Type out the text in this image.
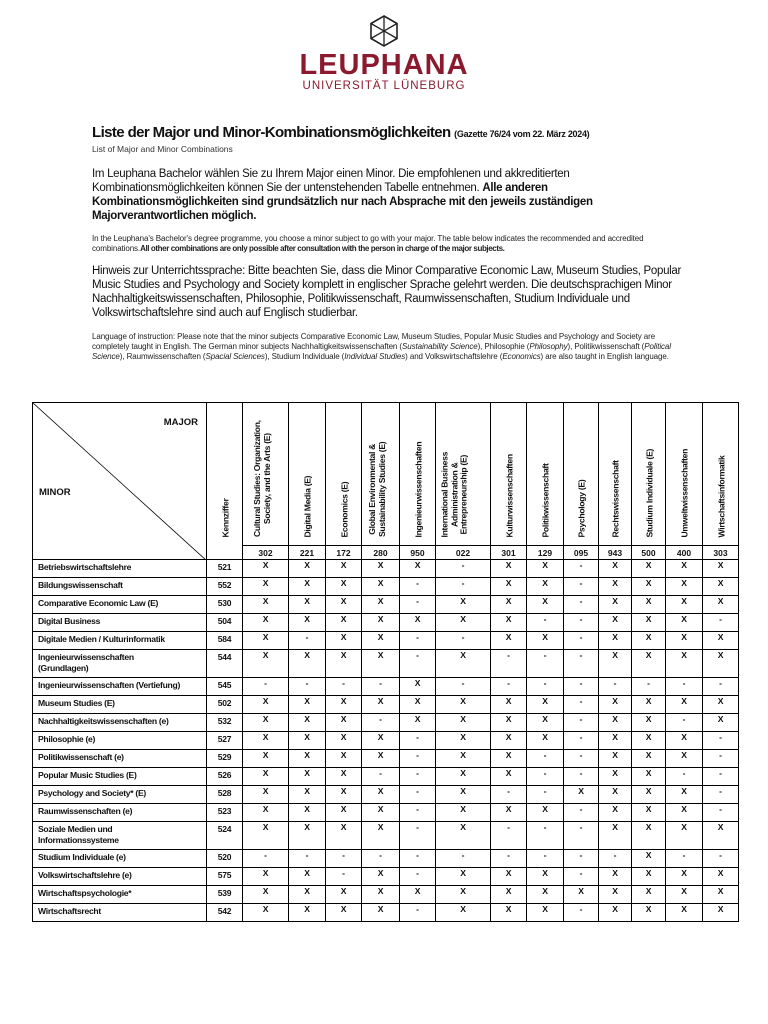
LEUPHANA
UNIVERSITÄT LÜNEBURG
Liste der Major und Minor-Kombinationsmöglichkeiten (Gazette 76/24 vom 22. März 2024)
List of Major and Minor Combinations
Im Leuphana Bachelor wählen Sie zu Ihrem Major einen Minor. Die empfohlenen und akkreditierten Kombinationsmöglichkeiten können Sie der untenstehenden Tabelle entnehmen. Alle anderen Kombinationsmöglichkeiten sind grundsätzlich nur nach Absprache mit den jeweils zuständigen Majorverantwortlichen möglich.
In the Leuphana's Bachelor's degree programme, you choose a minor subject to go with your major. The table below indicates the recommended and accredited combinations.All other combinations are only possible after consultation with the person in charge of the major subjects.
Hinweis zur Unterrichtssprache: Bitte beachten Sie, dass die Minor Comparative Economic Law, Museum Studies, Popular Music Studies and Psychology and Society komplett in englischer Sprache gelehrt werden. Die deutschsprachigen Minor Nachhaltigkeitswissenschaften, Philosophie, Politikwissenschaft, Raumwissenschaften, Studium Individuale und Volkswirtschaftslehre sind auch auf Englisch studierbar.
Language of instruction: Please note that the minor subjects Comparative Economic Law, Museum Studies, Popular Music Studies and Psychology and Society are completely taught in English. The German minor subjects Nachhaltigkeitswissenschaften (Sustainability Science), Philosophie (Philosophy), Politikwissenschaft (Political Science), Raumwissenschaften (Spacial Sciences), Studium Individuale (Individual Studies) and Volkswirtschaftslehre (Economics) are also taught in English language.
MAJOR
MINOR	Kennziffer	Cultural Studies: Organization,
Society, and the Arts (E)	Digital Media (E)	Economics (E)	Global Environmental &
Sustainability Studies (E)	Ingenieurwissenschaften	International Business
Administration &
Entrepreneurship (E)	Kulturwissenschaften	Politikwissenschaft	Psychology (E)	Rechtswissenschaft	Studium Individuale (E)	Umweltwissenschaften	Wirtschaftsinformatik

		302	221	172	280	950	022	301	129	095	943	500	400	303
Betriebswirtschaftslehre	521	X	X	X	X	X	-	X	X	-	X	X	X	X
Bildungswissenschaft	552	X	X	X	X	-	-	X	X	-	X	X	X	X
Comparative Economic Law (E)	530	X	X	X	X	-	X	X	X	-	X	X	X	X
Digital Business	504	X	X	X	X	X	X	X	-	-	X	X	X	-
Digitale Medien / Kulturinformatik	584	X	-	X	X	-	-	X	X	-	X	X	X	X
Ingenieurwissenschaften
(Grundlagen)	544	X	X	X	X	-	X	-	-	-	X	X	X	X
Ingenieurwissenschaften (Vertiefung)	545	-	-	-	-	X	-	-	-	-	-	-	-	-
Museum Studies (E)	502	X	X	X	X	X	X	X	X	-	X	X	X	X
Nachhaltigkeitswissenschaften (e)	532	X	X	X	-	X	X	X	X	-	X	X	-	X
Philosophie (e)	527	X	X	X	X	-	X	X	X	-	X	X	X	-
Politikwissenschaft (e)	529	X	X	X	X	-	X	X	-	-	X	X	X	-
Popular Music Studies (E)	526	X	X	X	-	-	X	X	-	-	X	X	-	-
Psychology and Society* (E)	528	X	X	X	X	-	X	-	-	X	X	X	X	-
Raumwissenschaften (e)	523	X	X	X	X	-	X	X	X	-	X	X	X	-
Soziale Medien und
Informationssysteme	524	X	X	X	X	-	X	-	-	-	X	X	X	X
Studium Individuale (e)	520	-	-	-	-	-	-	-	-	-	-	X	-	-
Volkswirtschaftslehre (e)	575	X	X	-	X	-	X	X	X	-	X	X	X	X
Wirtschaftspsychologie*	539	X	X	X	X	X	X	X	X	X	X	X	X	X
Wirtschaftsrecht	542	X	X	X	X	-	X	X	X	-	X	X	X	X
